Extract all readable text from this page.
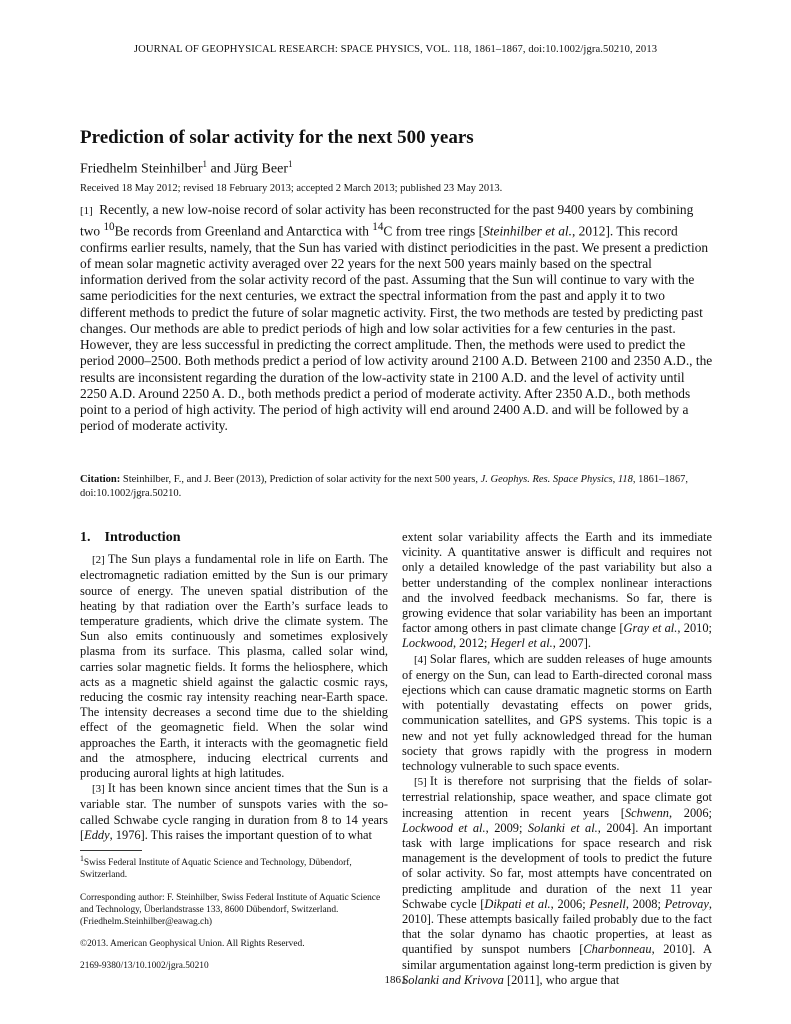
JOURNAL OF GEOPHYSICAL RESEARCH: SPACE PHYSICS, VOL. 118, 1861–1867, doi:10.1002/jgra.50210, 2013
Prediction of solar activity for the next 500 years
Friedhelm Steinhilber$^1$ and Jürg Beer$^1$
Received 18 May 2012; revised 18 February 2013; accepted 2 March 2013; published 23 May 2013.
[1] Recently, a new low-noise record of solar activity has been reconstructed for the past 9400 years by combining two $^{10}$Be records from Greenland and Antarctica with $^{14}$C from tree rings [Steinhilber et al., 2012]. This record confirms earlier results, namely, that the Sun has varied with distinct periodicities in the past. We present a prediction of mean solar magnetic activity averaged over 22 years for the next 500 years mainly based on the spectral information derived from the solar activity record of the past. Assuming that the Sun will continue to vary with the same periodicities for the next centuries, we extract the spectral information from the past and apply it to two different methods to predict the future of solar magnetic activity. First, the two methods are tested by predicting past changes. Our methods are able to predict periods of high and low solar activities for a few centuries in the past. However, they are less successful in predicting the correct amplitude. Then, the methods were used to predict the period 2000–2500. Both methods predict a period of low activity around 2100 A.D. Between 2100 and 2350 A.D., the results are inconsistent regarding the duration of the low-activity state in 2100 A.D. and the level of activity until 2250 A.D. Around 2250 A. D., both methods predict a period of moderate activity. After 2350 A.D., both methods point to a period of high activity. The period of high activity will end around 2400 A.D. and will be followed by a period of moderate activity.
Citation: Steinhilber, F., and J. Beer (2013), Prediction of solar activity for the next 500 years, J. Geophys. Res. Space Physics, 118, 1861–1867, doi:10.1002/jgra.50210.
1. Introduction

[2] The Sun plays a fundamental role in life on Earth. The electromagnetic radiation emitted by the Sun is our primary source of energy. The uneven spatial distribution of the heating by that radiation over the Earth’s surface leads to temperature gradients, which drive the climate system. The Sun also emits continuously and sometimes explosively plasma from its surface. This plasma, called solar wind, carries solar magnetic fields. It forms the heliosphere, which acts as a magnetic shield against the galactic cosmic rays, reducing the cosmic ray intensity reaching near-Earth space. The intensity decreases a second time due to the shielding effect of the geomagnetic field. When the solar wind approaches the Earth, it interacts with the geomagnetic field and the atmosphere, inducing electrical currents and producing auroral lights at high latitudes.

[3] It has been known since ancient times that the Sun is a variable star. The number of sunspots varies with the so-called Schwabe cycle ranging in duration from 8 to 14 years [Eddy, 1976]. This raises the important question of to what

extent solar variability affects the Earth and its immediate vicinity. A quantitative answer is difficult and requires not only a detailed knowledge of the past variability but also a better understanding of the complex nonlinear interactions and the involved feedback mechanisms. So far, there is growing evidence that solar variability has been an important factor among others in past climate change [Gray et al., 2010; Lockwood, 2012; Hegerl et al., 2007].

[4] Solar flares, which are sudden releases of huge amounts of energy on the Sun, can lead to Earth-directed coronal mass ejections which can cause dramatic magnetic storms on Earth with potentially devastating effects on power grids, communication satellites, and GPS systems. This topic is a new and not yet fully acknowledged thread for the human society that grows rapidly with the progress in modern technology vulnerable to such space events.

[5] It is therefore not surprising that the fields of solar-terrestrial relationship, space weather, and space climate got increasing attention in recent years [Schwenn, 2006; Lockwood et al., 2009; Solanki et al., 2004]. An important task with large implications for space research and risk management is the development of tools to predict the future of solar activity. So far, most attempts have concentrated on predicting amplitude and duration of the next 11 year Schwabe cycle [Dikpati et al., 2006; Pesnell, 2008; Petrovay, 2010]. These attempts basically failed probably due to the fact that the solar dynamo has chaotic properties, at least as quantified by sunspot numbers [Charbonneau, 2010]. A similar argumentation against long-term prediction is given by Solanki and Krivova [2011], who argue that

$^1$Swiss Federal Institute of Aquatic Science and Technology, Dübendorf, Switzerland.
Corresponding author: F. Steinhilber, Swiss Federal Institute of Aquatic Science and Technology, Überlandstrasse 133, 8600 Dübendorf, Switzerland. (Friedhelm.Steinhilber@eawag.ch)
©2013. American Geophysical Union. All Rights Reserved.
2169-9380/13/10.1002/jgra.50210
1861
